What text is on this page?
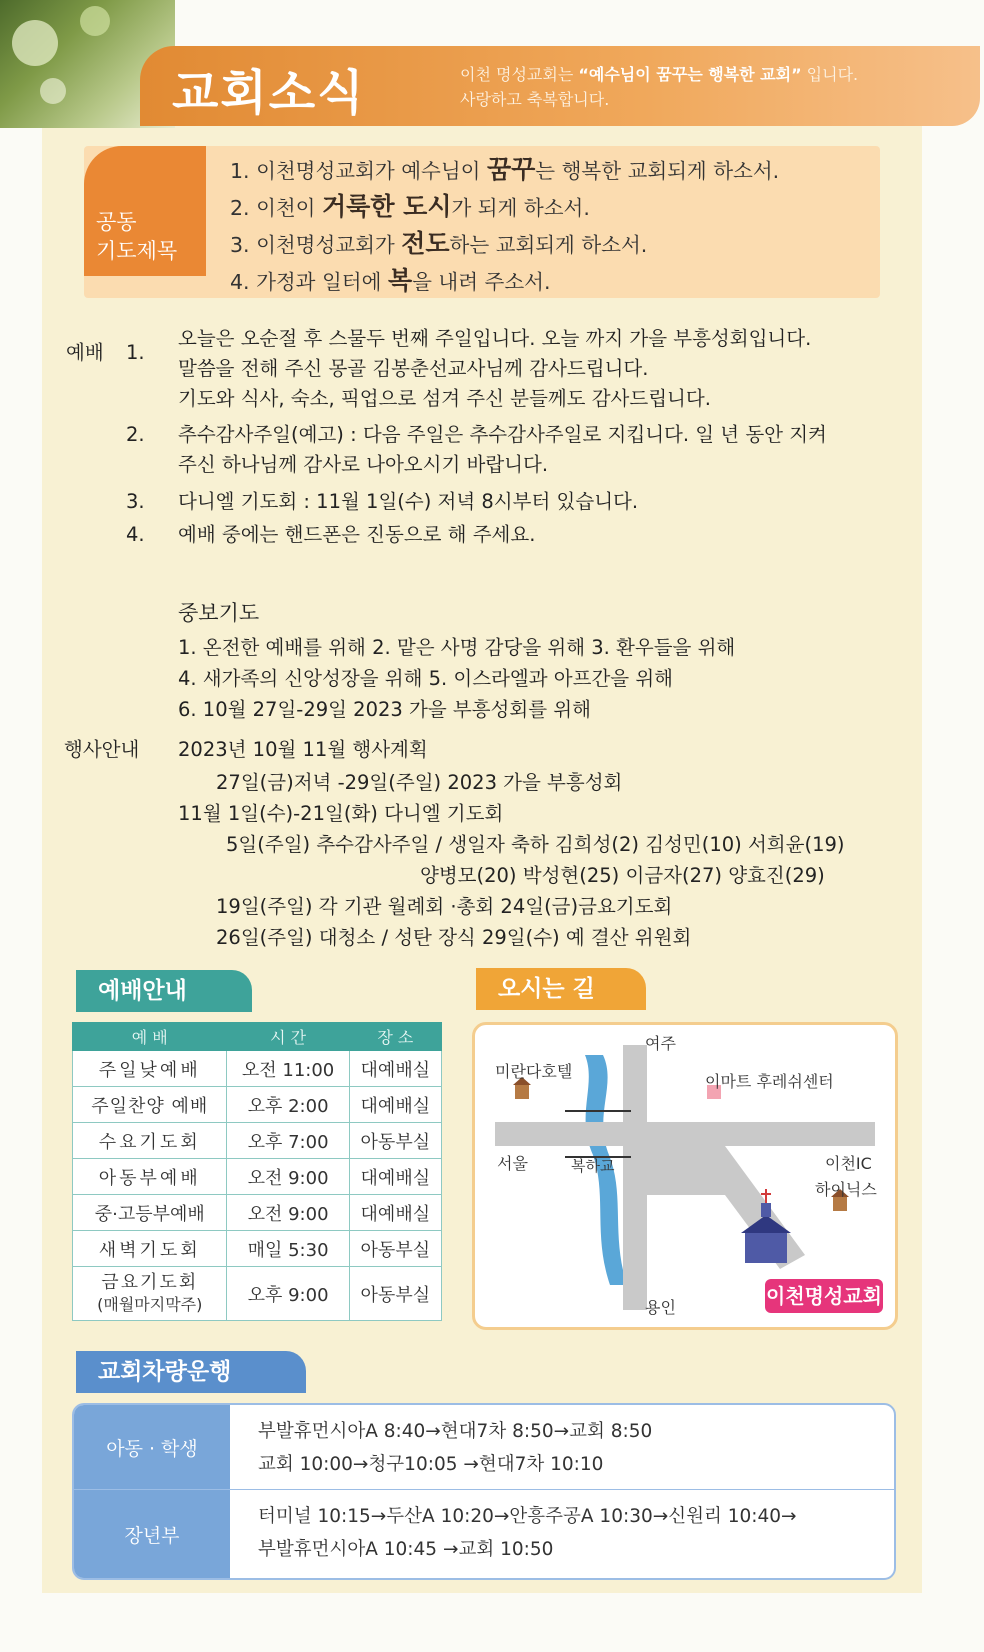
교회소식	이천 명성교회는 “예수님이 꿈꾸는 행복한 교회” 입니다.
사랑하고 축복합니다.
공동
기도제목
1. 이천명성교회가 예수님이 꿈꾸는 행복한 교회되게 하소서.
2. 이천이 거룩한 도시가 되게 하소서.
3. 이천명성교회가 전도하는 교회되게 하소서.
4. 가정과 일터에 복을 내려 주소서.
예배 1.
오늘은 오순절 후 스물두 번째 주일입니다. 오늘 까지 가을 부흥성회입니다.
말씀을 전해 주신 몽골 김봉춘선교사님께 감사드립니다.
기도와 식사, 숙소, 픽업으로 섬겨 주신 분들께도 감사드립니다.
2. 추수감사주일(예고) : 다음 주일은 추수감사주일로 지킵니다. 일 년 동안 지켜
주신 하나님께 감사로 나아오시기 바랍니다.
3. 다니엘 기도회 : 11월 1일(수) 저녁 8시부터 있습니다.
4. 예배 중에는 핸드폰은 진동으로 해 주세요.
중보기도
1. 온전한 예배를 위해 2. 맡은 사명 감당을 위해 3. 환우들을 위해
4. 새가족의 신앙성장을 위해 5. 이스라엘과 아프간을 위해
6. 10월 27일-29일 2023 가을 부흥성회를 위해
행사안내 2023년 10월 11월 행사계획
27일(금)저녁 -29일(주일) 2023 가을 부흥성회
11월 1일(수)-21일(화) 다니엘 기도회
5일(주일) 추수감사주일 / 생일자 축하 김희성(2) 김성민(10) 서희윤(19)
양병모(20) 박성현(25) 이금자(27) 양효진(29)
19일(주일) 각 기관 월례회 ·총회 24일(금)금요기도회
26일(주일) 대청소 / 성탄 장식 29일(수) 예 결산 위원회
예배안내
예 배	시 간	장 소
주일낮예배	오전 11:00	대예배실
주일찬양 예배	오후 2:00	대예배실
수요기도회	오후 7:00	아동부실
아동부예배	오전 9:00	대예배실
중·고등부예배	오전 9:00	대예배실
새벽기도회	매일 5:30	아동부실
금요기도회
(매월마지막주)	오후 9:00	아동부실
오시는 길
여주
미란다호텔
이마트 후레쉬센터
서울	복하교	이천IC
하이닉스
용인	이천명성교회
교회차량운행
아동 · 학생
부발휴먼시아A 8:40→현대7차 8:50→교회 8:50
교회 10:00→청구10:05 →현대7차 10:10
장년부
터미널 10:15→두산A 10:20→안흥주공A 10:30→신원리 10:40→
부발휴먼시아A 10:45 →교회 10:50
